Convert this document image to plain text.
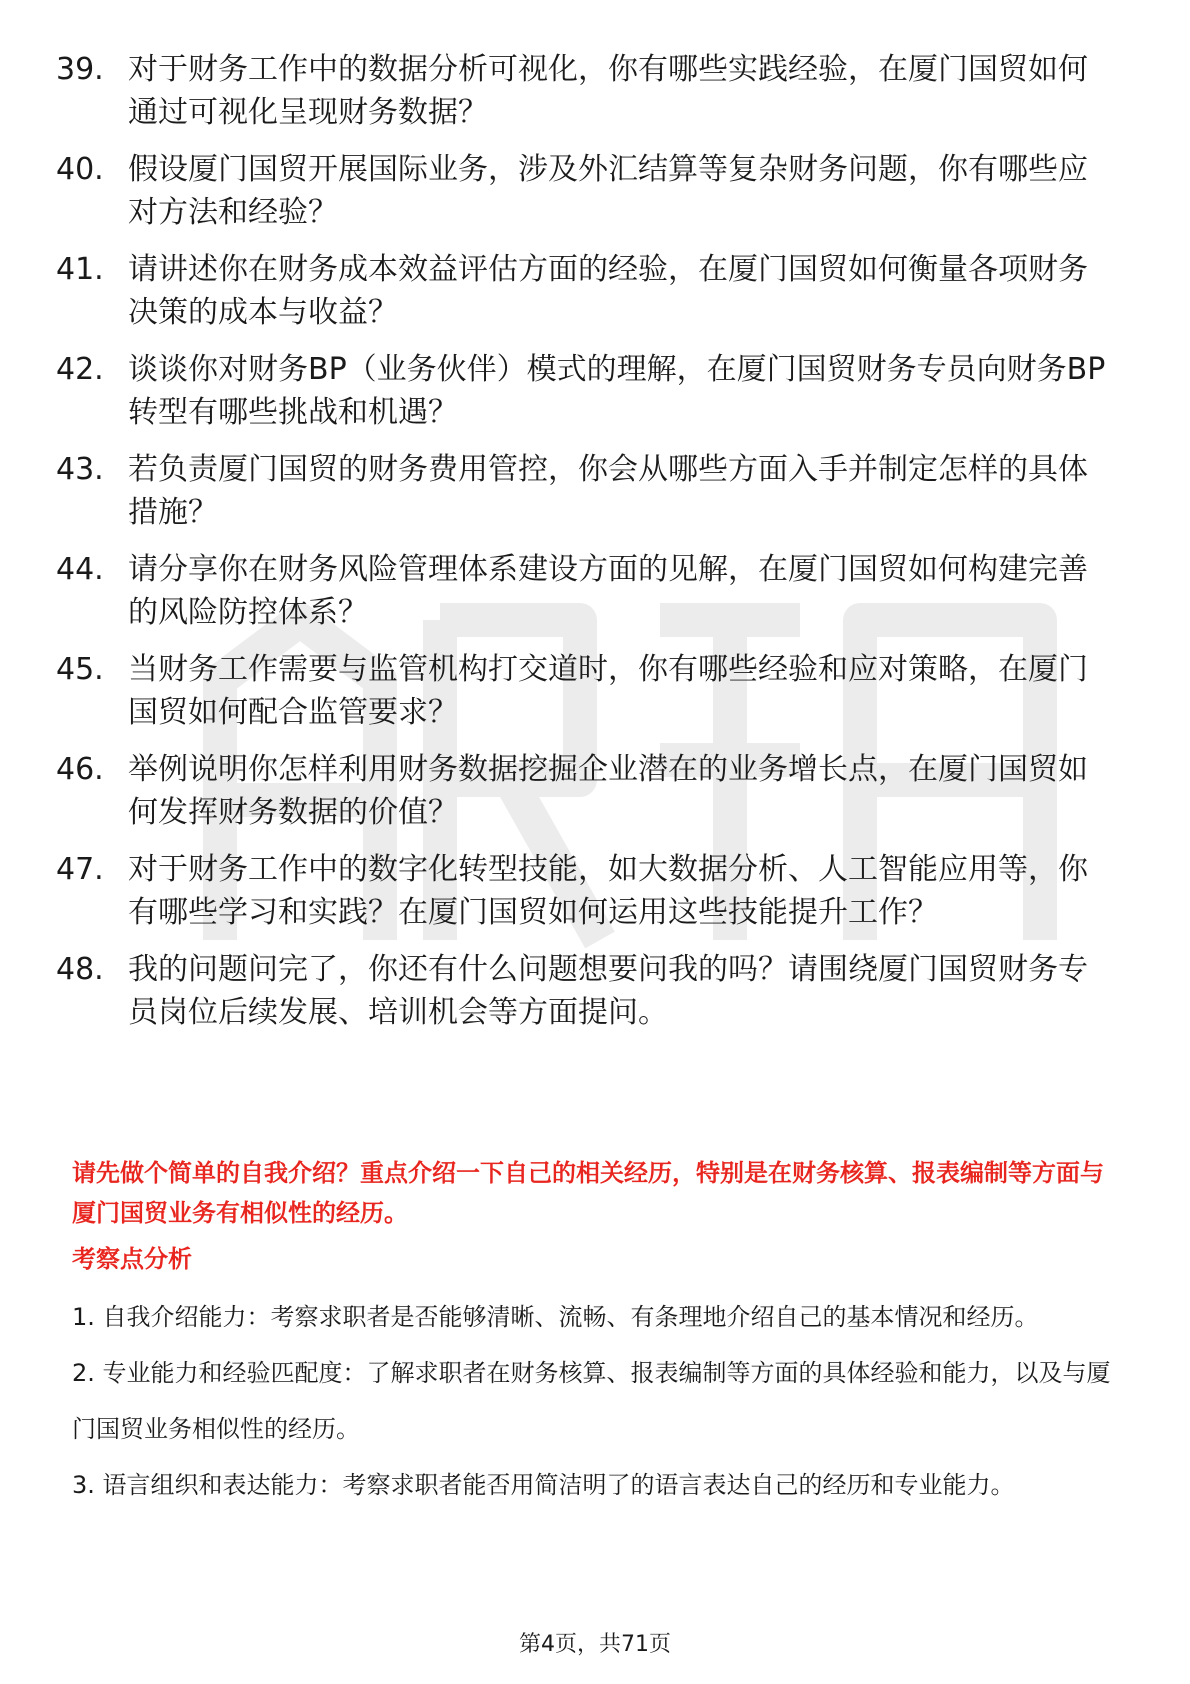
39. 对于财务工作中的数据分析可视化，你有哪些实践经验，在厦门国贸如何通过可视化呈现财务数据？
40. 假设厦门国贸开展国际业务，涉及外汇结算等复杂财务问题，你有哪些应对方法和经验？
41. 请讲述你在财务成本效益评估方面的经验，在厦门国贸如何衡量各项财务决策的成本与收益？
42. 谈谈你对财务BP（业务伙伴）模式的理解，在厦门国贸财务专员向财务BP转型有哪些挑战和机遇？
43. 若负责厦门国贸的财务费用管控，你会从哪些方面入手并制定怎样的具体措施？
44. 请分享你在财务风险管理体系建设方面的见解，在厦门国贸如何构建完善的风险防控体系？
45. 当财务工作需要与监管机构打交道时，你有哪些经验和应对策略，在厦门国贸如何配合监管要求？
46. 举例说明你怎样利用财务数据挖掘企业潜在的业务增长点，在厦门国贸如何发挥财务数据的价值？
47. 对于财务工作中的数字化转型技能，如大数据分析、人工智能应用等，你有哪些学习和实践？在厦门国贸如何运用这些技能提升工作？
48. 我的问题问完了，你还有什么问题想要问我的吗？请围绕厦门国贸财务专员岗位后续发展、培训机会等方面提问。

请先做个简单的自我介绍？重点介绍一下自己的相关经历，特别是在财务核算、报表编制等方面与厦门国贸业务有相似性的经历。

考察点分析

1. 自我介绍能力：考察求职者是否能够清晰、流畅、有条理地介绍自己的基本情况和经历。
2. 专业能力和经验匹配度：了解求职者在财务核算、报表编制等方面的具体经验和能力，以及与厦门国贸业务相似性的经历。
3. 语言组织和表达能力：考察求职者能否用简洁明了的语言表达自己的经历和专业能力。
第4页，共71页
